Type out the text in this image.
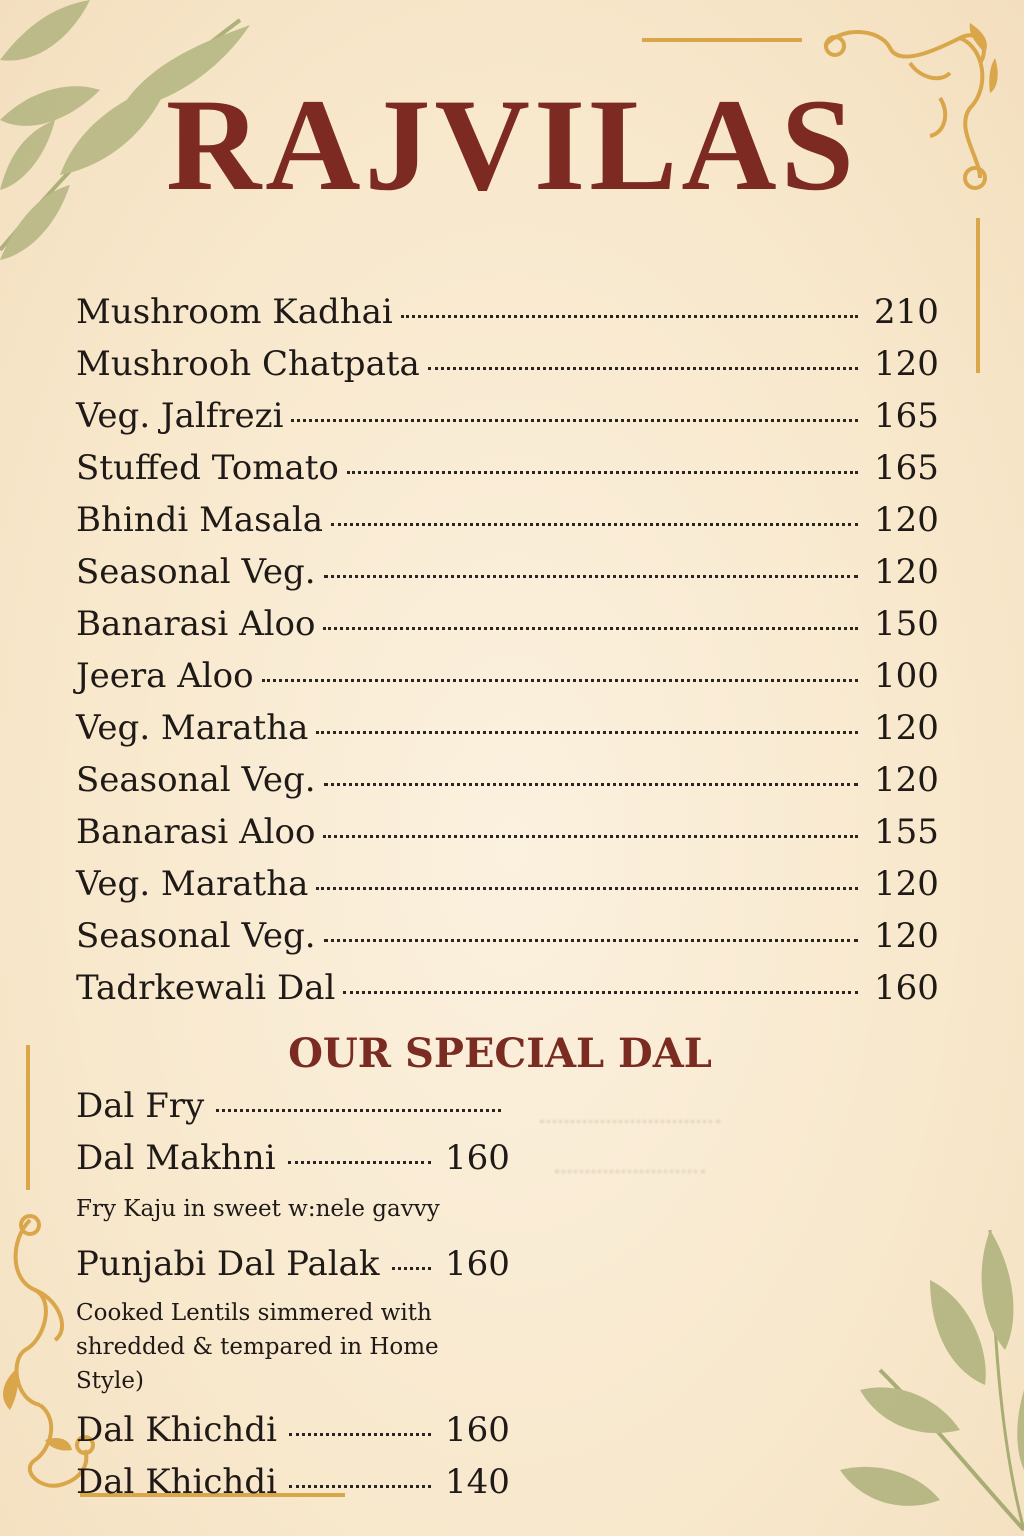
RAJVILAS
Mushroom Kadhai	210
Mushrooh Chatpata	120
Veg. Jalfrezi	165
Stuffed Tomato	165
Bhindi Masala	120
Seasonal Veg.	120
Banarasi Aloo	150
Jeera Aloo	100
Veg. Maratha	120
Seasonal Veg.	120
Banarasi Aloo	155
Veg. Maratha	120
Seasonal Veg.	120
Tadrkewali Dal	160
OUR SPECIAL DAL
Dal Fry
Dal Makhni	160

Fry Kaju in sweet w:nele gavvy

Punjabi Dal Palak 160

Cooked Lentils simmered with

shredded & tempared in Home Style)

Dal Khichdi	160
Dal Khichdi	140
